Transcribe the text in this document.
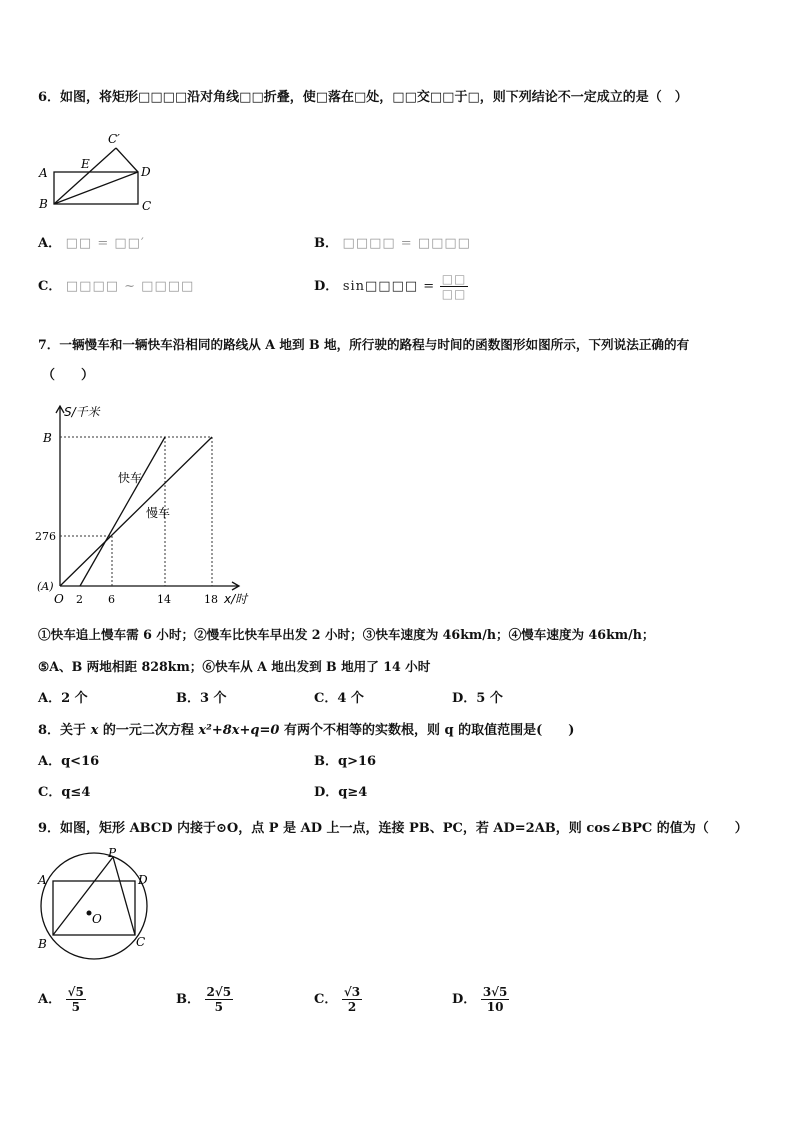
6．如图，将矩形□□□□沿对角线□□折叠，使□落在□处，□□交□□于□，则下列结论不一定成立的是（　）
A
B	C
D
E
C′
A． □□ = □□′	B． □□□□ = □□□□
C． □□□□ ~ □□□□	D． sin□□□□ = $\frac{□□}{□□}$
7．一辆慢车和一辆快车沿相同的路线从 A 地到 B 地，所行驶的路程与时间的函数图形如图所示，下列说法正确的有
（　　）
S/千米
x/时
B
276
(A)
O 2 6	14	18
快车
慢车
①快车追上慢车需 6 小时；②慢车比快车早出发 2 小时；③快车速度为 46km/h；④慢车速度为 46km/h；
⑤A、B 两地相距 828km；⑥快车从 A 地出发到 B 地用了 14 小时
A．2 个	B．3 个	C．4 个	D．5 个
8．关于 x 的一元二次方程 x²+8x+q=0 有两个不相等的实数根，则 q 的取值范围是(　　)
A．q<16	B．q>16
C．q≤4	D．q≥4
9．如图，矩形 ABCD 内接于⊙O，点 P 是 AD 上一点，连接 PB、PC，若 AD=2AB，则 cos∠BPC 的值为（　　）
P
A	D
B	C
O
A． $\frac{√5}{5}$	B． $\frac{2√5}{5}$	C． $\frac{√3}{2}$	D． $\frac{3√5}{10}$
